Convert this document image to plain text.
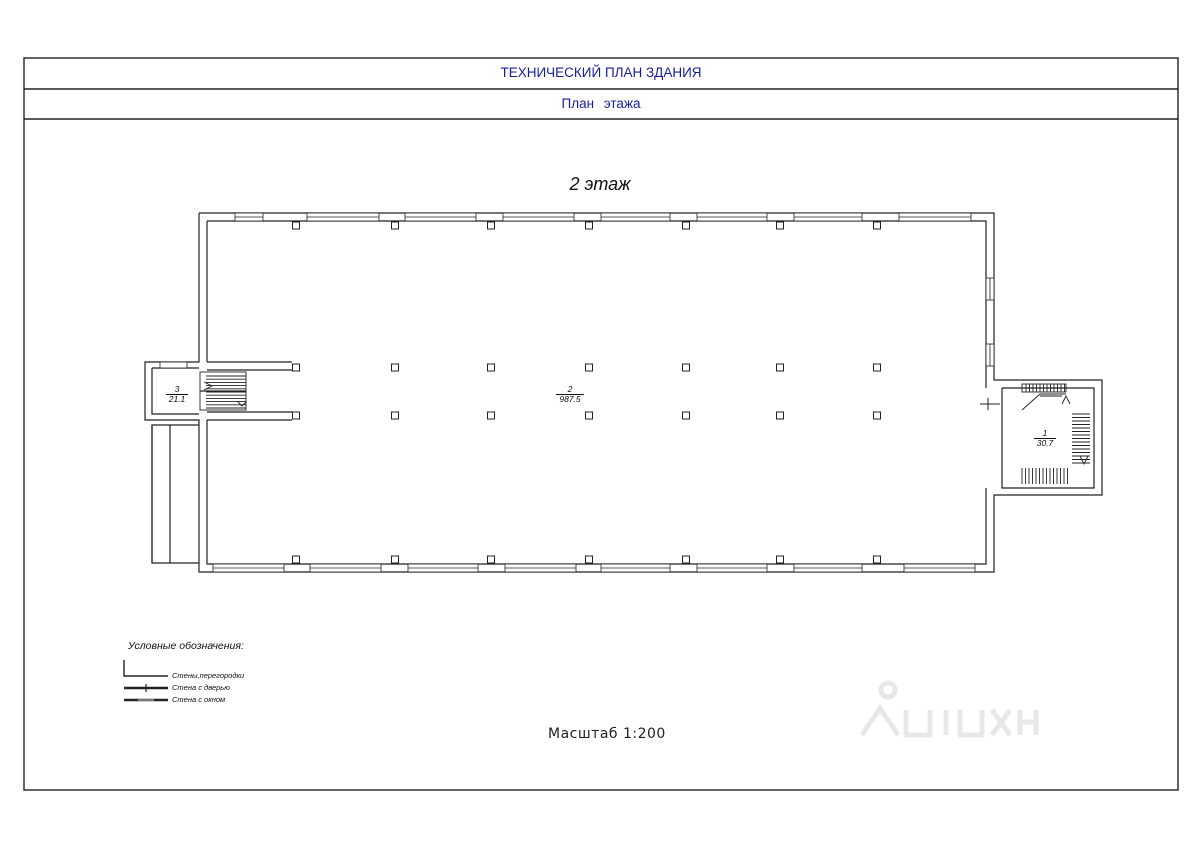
ТЕХНИЧЕСКИЙ ПЛАН ЗДАНИЯ
План этажа
2 этаж
3
21.1
2
987.5
1
30.7
Условные обозначения:
Стены,перегородки
Стена с дверью
Стена с окном
Масштаб 1:200
